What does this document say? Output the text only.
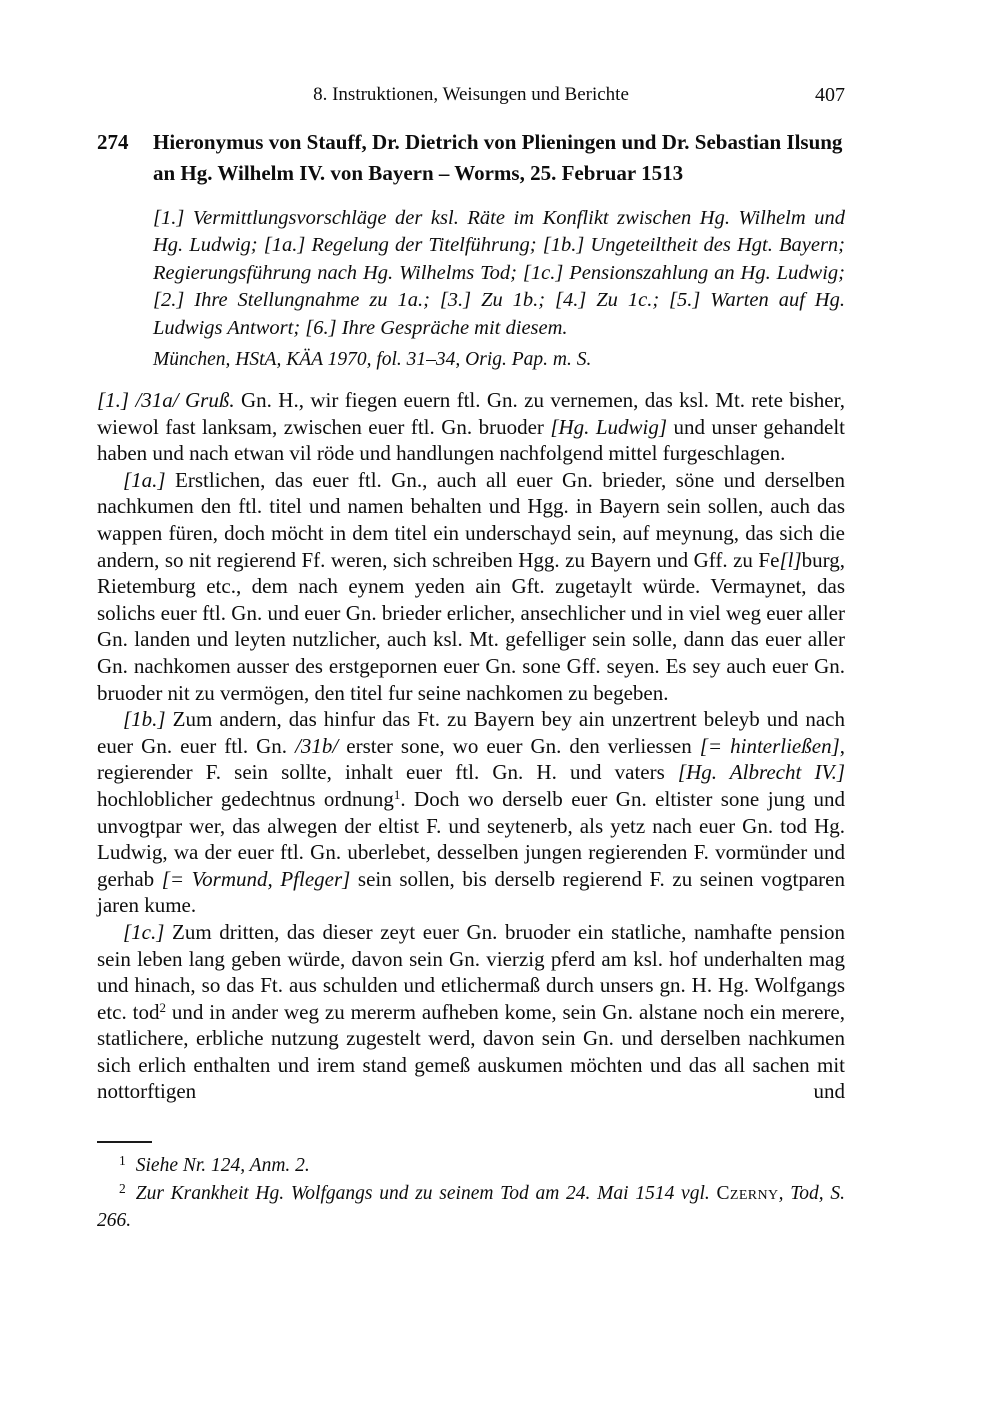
8. Instruktionen, Weisungen und Berichte	407
274	Hieronymus von Stauff, Dr. Dietrich von Plieningen und Dr. Sebastian Ilsung an Hg. Wilhelm IV. von Bayern – Worms, 25. Februar 1513
[1.] Vermittlungsvorschläge der ksl. Räte im Konflikt zwischen Hg. Wilhelm und Hg. Ludwig; [1a.] Regelung der Titelführung; [1b.] Ungeteiltheit des Hgt. Bayern; Regierungsführung nach Hg. Wilhelms Tod; [1c.] Pensionszahlung an Hg. Ludwig; [2.] Ihre Stellungnahme zu 1a.; [3.] Zu 1b.; [4.] Zu 1c.; [5.] Warten auf Hg. Ludwigs Antwort; [6.] Ihre Gespräche mit diesem.
München, HStA, KÄA 1970, fol. 31–34, Orig. Pap. m. S.

[1.] /31a/ Gruß. Gn. H., wir fiegen euern ftl. Gn. zu vernemen, das ksl. Mt. rete bisher, wiewol fast lanksam, zwischen euer ftl. Gn. bruoder [Hg. Ludwig] und unser gehandelt haben und nach etwan vil röde und handlungen nachfolgend mittel furgeschlagen.

[1a.] Erstlichen, das euer ftl. Gn., auch all euer Gn. brieder, söne und derselben nachkumen den ftl. titel und namen behalten und Hgg. in Bayern sein sollen, auch das wappen füren, doch möcht in dem titel ein underschayd sein, auf meynung, das sich die andern, so nit regierend Ff. weren, sich schreiben Hgg. zu Bayern und Gff. zu Fe[l]burg, Rietemburg etc., dem nach eynem yeden ain Gft. zugetaylt würde. Vermaynet, das solichs euer ftl. Gn. und euer Gn. brieder erlicher, ansechlicher und in viel weg euer aller Gn. landen und leyten nutzlicher, auch ksl. Mt. gefelliger sein solle, dann das euer aller Gn. nachkomen ausser des erstgepornen euer Gn. sone Gff. seyen. Es sey auch euer Gn. bruoder nit zu vermögen, den titel fur seine nachkomen zu begeben.

[1b.] Zum andern, das hinfur das Ft. zu Bayern bey ain unzertrent beleyb und nach euer Gn. euer ftl. Gn. /31b/ erster sone, wo euer Gn. den verliessen [= hinterließen], regierender F. sein sollte, inhalt euer ftl. Gn. H. und vaters [Hg. Albrecht IV.] hochloblicher gedechtnus ordnung$^1$. Doch wo derselb euer Gn. eltister sone jung und unvogtpar wer, das alwegen der eltist F. und seytenerb, als yetz nach euer Gn. tod Hg. Ludwig, wa der euer ftl. Gn. uberlebet, desselben jungen regierenden F. vormünder und gerhab [= Vormund, Pfleger] sein sollen, bis derselb regierend F. zu seinen vogtparen jaren kume.

[1c.] Zum dritten, das dieser zeyt euer Gn. bruoder ein statliche, namhafte pension sein leben lang geben würde, davon sein Gn. vierzig pferd am ksl. hof underhalten mag und hinach, so das Ft. aus schulden und etlichermaß durch unsers gn. H. Hg. Wolfgangs etc. tod$^2$ und in ander weg zu mererm aufheben kome, sein Gn. alstane noch ein merere, statlichere, erbliche nutzung zugestelt werd, davon sein Gn. und derselben nachkumen sich erlich enthalten und irem stand gemeß auskumen möchten und das all sachen mit nottorftigen und

$^1$ Siehe Nr. 124, Anm. 2.
$^2$ Zur Krankheit Hg. Wolfgangs und zu seinem Tod am 24. Mai 1514 vgl. Czerny, Tod, S. 266.
